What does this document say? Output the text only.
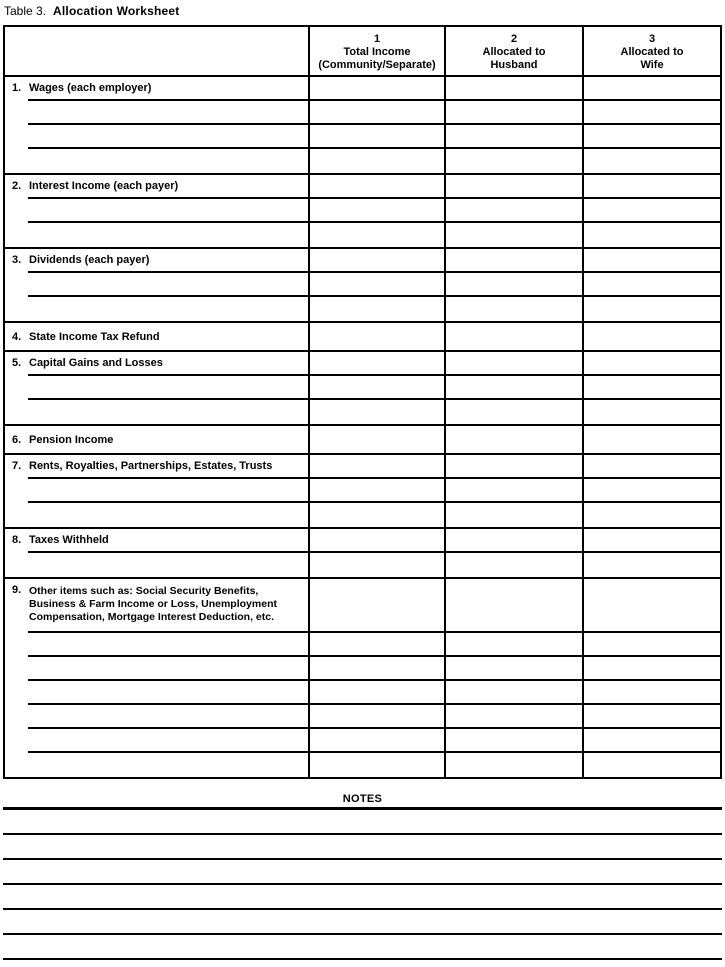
Table 3. Allocation Worksheet
1
Total Income
(Community/Separate)
2
Allocated to
Husband
3
Allocated to
Wife
1. Wages (each employer)
2. Interest Income (each payer)
3. Dividends (each payer)
4. State Income Tax Refund
5. Capital Gains and Losses
6. Pension Income
7. Rents, Royalties, Partnerships, Estates, Trusts
8. Taxes Withheld
9. Other items such as: Social Security Benefits,
Business & Farm Income or Loss, Unemployment
Compensation, Mortgage Interest Deduction, etc.
NOTES
